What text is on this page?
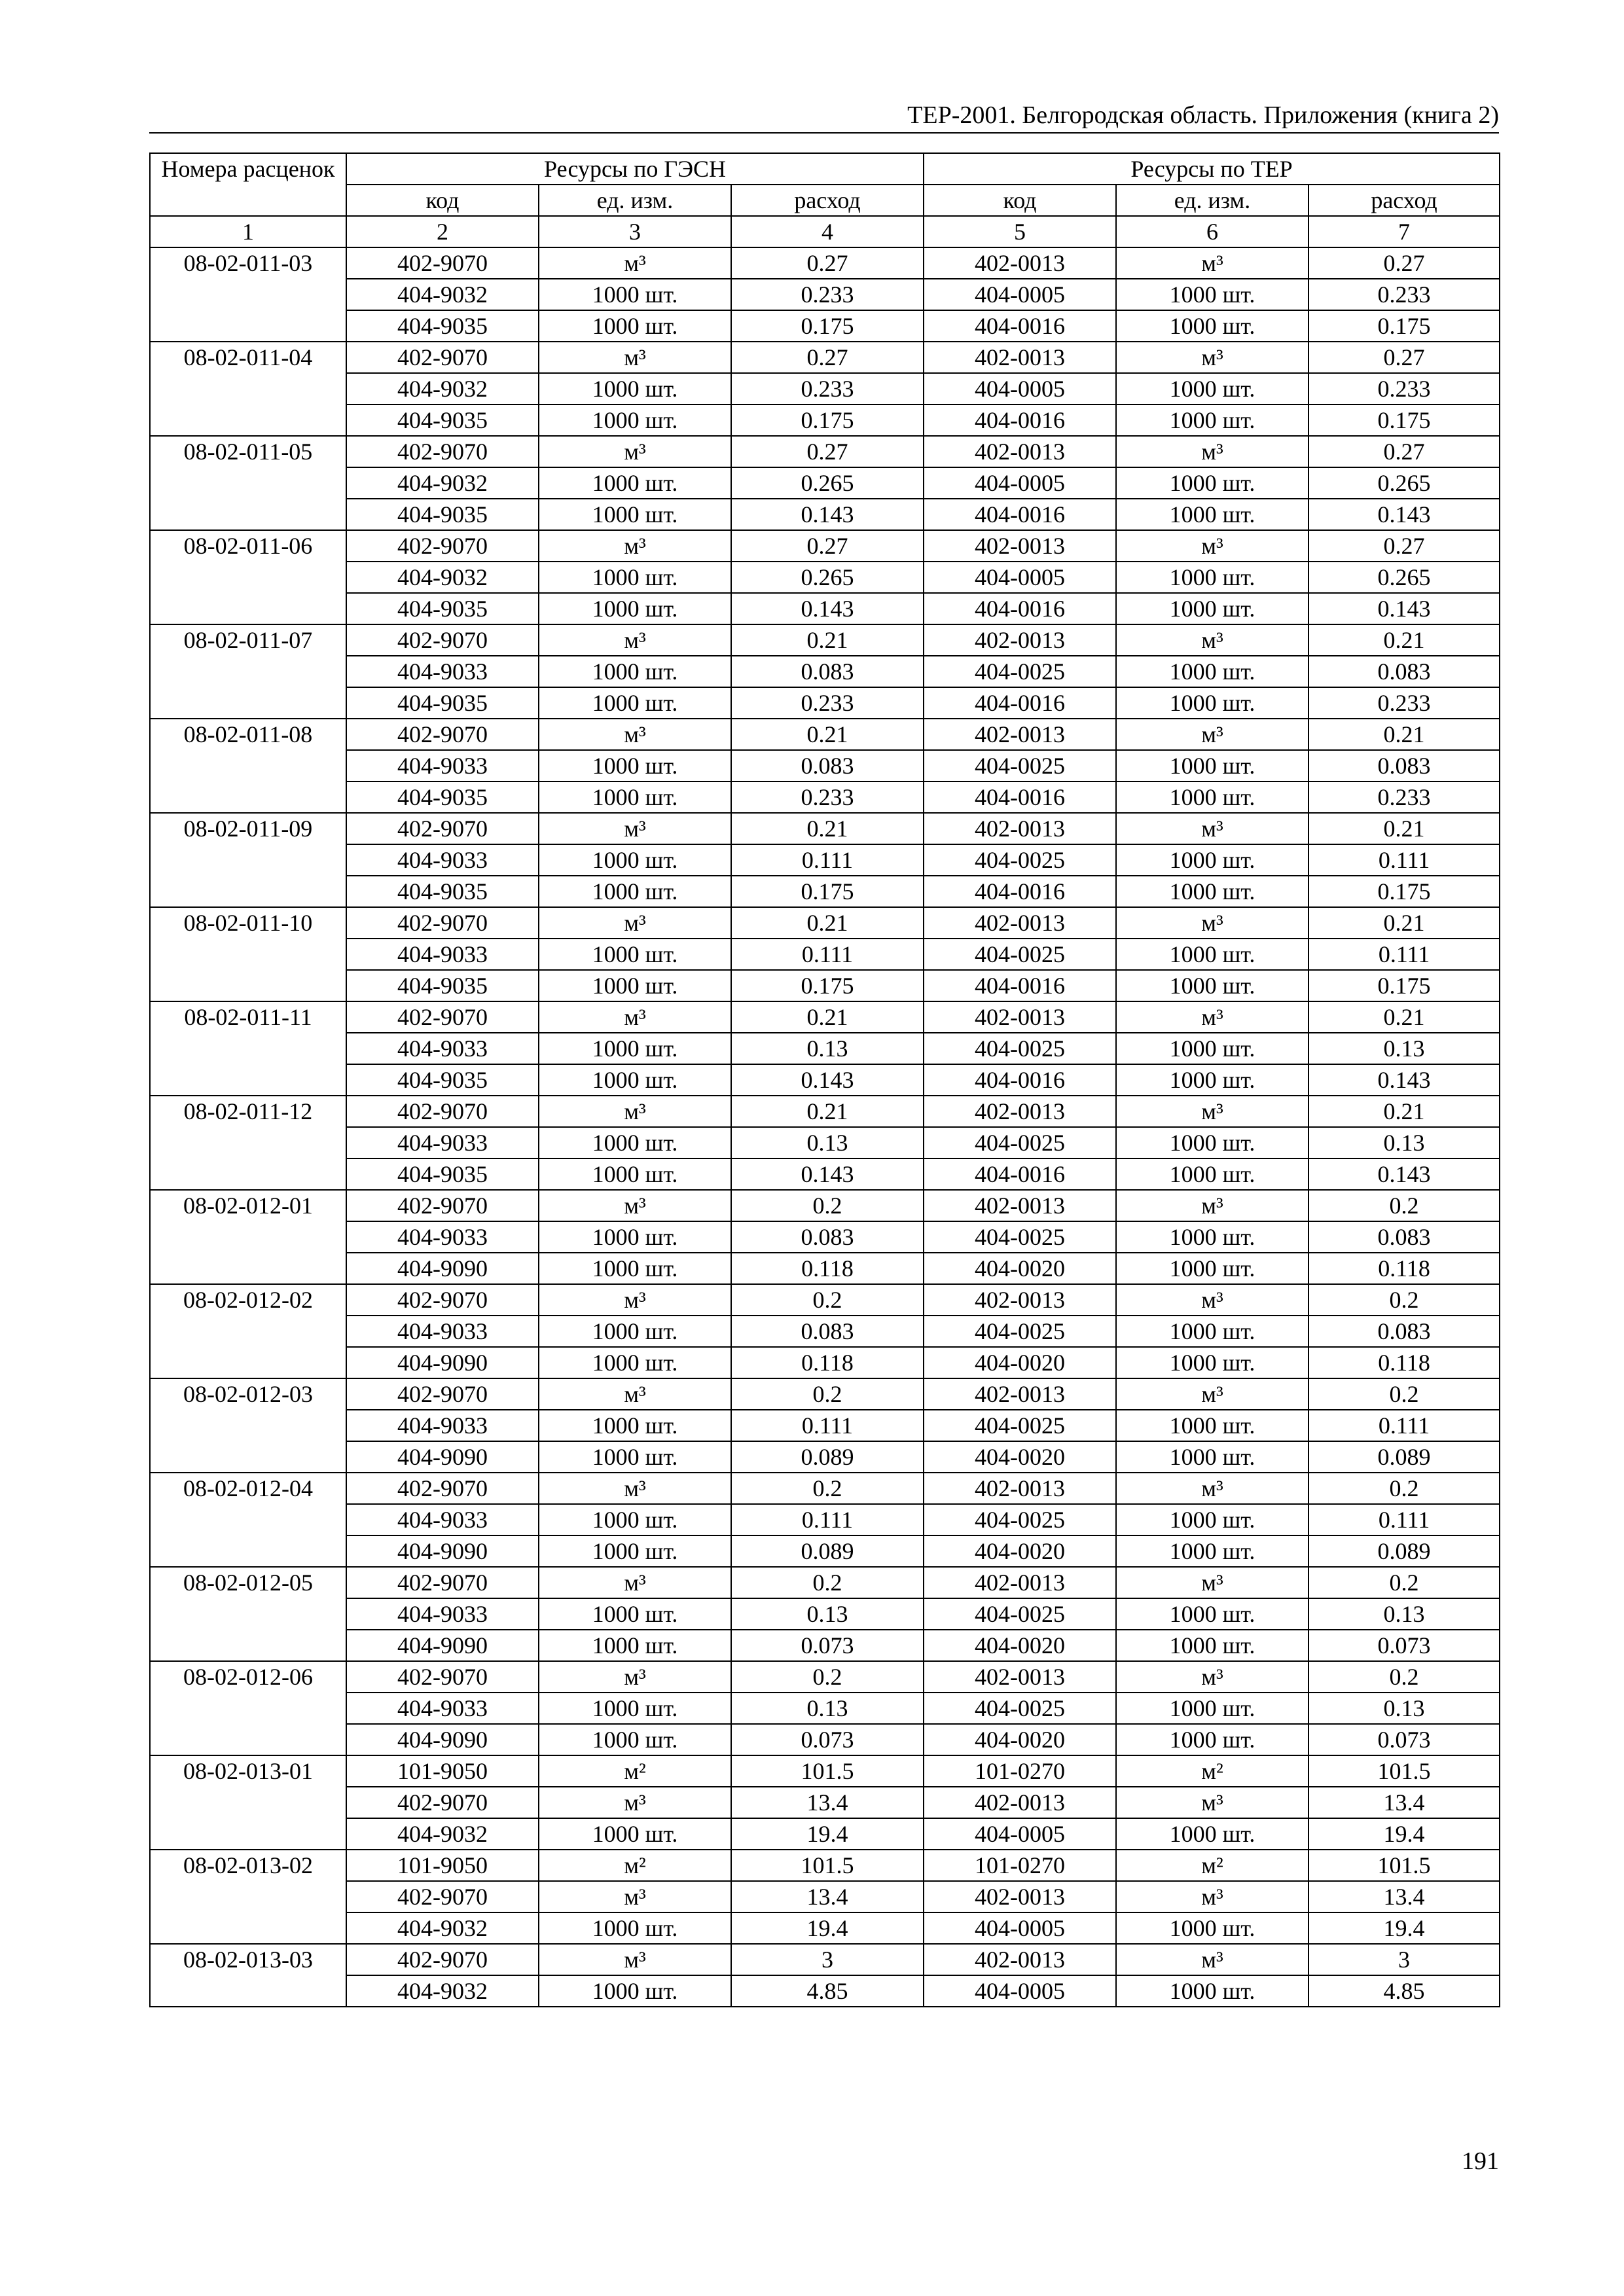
ТЕР-2001. Белгородская область. Приложения (книга 2)
Номера расценок	Ресурсы по ГЭСН			Ресурсы по ТЕР		
	код	ед. изм.	расход	код	ед. изм.	расход
1	2	3	4	5	6	7
08-02-011-03	402-9070	м³	0.27	402-0013	м³	0.27
	404-9032	1000 шт.	0.233	404-0005	1000 шт.	0.233
	404-9035	1000 шт.	0.175	404-0016	1000 шт.	0.175
08-02-011-04	402-9070	м³	0.27	402-0013	м³	0.27
	404-9032	1000 шт.	0.233	404-0005	1000 шт.	0.233
	404-9035	1000 шт.	0.175	404-0016	1000 шт.	0.175
08-02-011-05	402-9070	м³	0.27	402-0013	м³	0.27
	404-9032	1000 шт.	0.265	404-0005	1000 шт.	0.265
	404-9035	1000 шт.	0.143	404-0016	1000 шт.	0.143
08-02-011-06	402-9070	м³	0.27	402-0013	м³	0.27
	404-9032	1000 шт.	0.265	404-0005	1000 шт.	0.265
	404-9035	1000 шт.	0.143	404-0016	1000 шт.	0.143
08-02-011-07	402-9070	м³	0.21	402-0013	м³	0.21
	404-9033	1000 шт.	0.083	404-0025	1000 шт.	0.083
	404-9035	1000 шт.	0.233	404-0016	1000 шт.	0.233
08-02-011-08	402-9070	м³	0.21	402-0013	м³	0.21
	404-9033	1000 шт.	0.083	404-0025	1000 шт.	0.083
	404-9035	1000 шт.	0.233	404-0016	1000 шт.	0.233
08-02-011-09	402-9070	м³	0.21	402-0013	м³	0.21
	404-9033	1000 шт.	0.111	404-0025	1000 шт.	0.111
	404-9035	1000 шт.	0.175	404-0016	1000 шт.	0.175
08-02-011-10	402-9070	м³	0.21	402-0013	м³	0.21
	404-9033	1000 шт.	0.111	404-0025	1000 шт.	0.111
	404-9035	1000 шт.	0.175	404-0016	1000 шт.	0.175
08-02-011-11	402-9070	м³	0.21	402-0013	м³	0.21
	404-9033	1000 шт.	0.13	404-0025	1000 шт.	0.13
	404-9035	1000 шт.	0.143	404-0016	1000 шт.	0.143
08-02-011-12	402-9070	м³	0.21	402-0013	м³	0.21
	404-9033	1000 шт.	0.13	404-0025	1000 шт.	0.13
	404-9035	1000 шт.	0.143	404-0016	1000 шт.	0.143
08-02-012-01	402-9070	м³	0.2	402-0013	м³	0.2
	404-9033	1000 шт.	0.083	404-0025	1000 шт.	0.083
	404-9090	1000 шт.	0.118	404-0020	1000 шт.	0.118
08-02-012-02	402-9070	м³	0.2	402-0013	м³	0.2
	404-9033	1000 шт.	0.083	404-0025	1000 шт.	0.083
	404-9090	1000 шт.	0.118	404-0020	1000 шт.	0.118
08-02-012-03	402-9070	м³	0.2	402-0013	м³	0.2
	404-9033	1000 шт.	0.111	404-0025	1000 шт.	0.111
	404-9090	1000 шт.	0.089	404-0020	1000 шт.	0.089
08-02-012-04	402-9070	м³	0.2	402-0013	м³	0.2
	404-9033	1000 шт.	0.111	404-0025	1000 шт.	0.111
	404-9090	1000 шт.	0.089	404-0020	1000 шт.	0.089
08-02-012-05	402-9070	м³	0.2	402-0013	м³	0.2
	404-9033	1000 шт.	0.13	404-0025	1000 шт.	0.13
	404-9090	1000 шт.	0.073	404-0020	1000 шт.	0.073
08-02-012-06	402-9070	м³	0.2	402-0013	м³	0.2
	404-9033	1000 шт.	0.13	404-0025	1000 шт.	0.13
	404-9090	1000 шт.	0.073	404-0020	1000 шт.	0.073
08-02-013-01	101-9050	м²	101.5	101-0270	м²	101.5
	402-9070	м³	13.4	402-0013	м³	13.4
	404-9032	1000 шт.	19.4	404-0005	1000 шт.	19.4
08-02-013-02	101-9050	м²	101.5	101-0270	м²	101.5
	402-9070	м³	13.4	402-0013	м³	13.4
	404-9032	1000 шт.	19.4	404-0005	1000 шт.	19.4
08-02-013-03	402-9070	м³	3	402-0013	м³	3
	404-9032	1000 шт.	4.85	404-0005	1000 шт.	4.85
191
